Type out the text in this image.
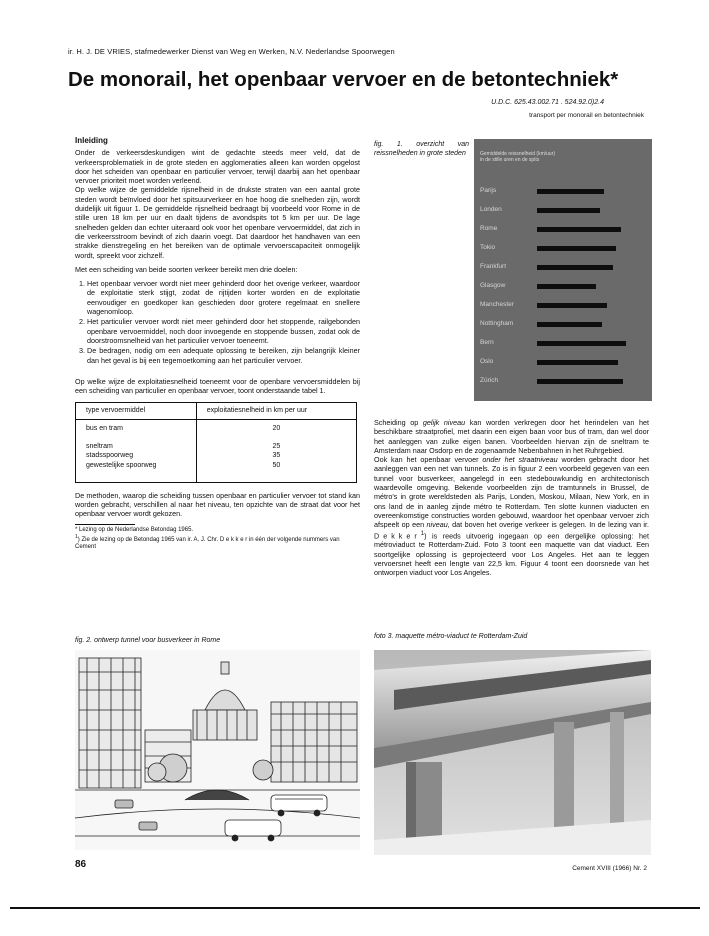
ir. H. J. DE VRIES, stafmedewerker Dienst van Weg en Werken, N.V. Nederlandse Spoorwegen
De monorail, het openbaar vervoer en de betontechniek*
U.D.C. 625.43.002.71 . 524.92.0)2.4
transport per monorail en betontechniek
Inleiding

Onder de verkeersdeskundigen wint de gedachte steeds meer veld, dat de verkeersproblematiek in de grote steden en agglomeraties alleen kan worden opgelost door het scheiden van openbaar en particulier vervoer, terwijl daarbij aan het openbaar vervoer prioriteit moet worden verleend.

Op welke wijze de gemiddelde rijsnelheid in de drukste straten van een aantal grote steden wordt beïnvloed door het spitsuurverkeer en hoe hoog die snelheden zijn, wordt duidelijk uit figuur 1. De gemiddelde rijsnelheid bedraagt bij voorbeeld voor Rome in de stille uren 18 km per uur en daalt tijdens de avondspits tot 5 km per uur. De lage snelheden gelden dan echter uiteraard ook voor het openbare vervoermiddel, dat zich in die verkeersstroom bevindt of zich daarin voegt. Dat daardoor het handhaven van een strakke dienstregeling en het bereiken van de optimale vervoerscapaciteit onmogelijk wordt, spreekt voor zichzelf.

Met een scheiding van beide soorten verkeer bereikt men drie doelen:

1. Het openbaar vervoer wordt niet meer gehinderd door het overige verkeer, waardoor de exploitatie sterk stijgt, zodat de rijtijden korter worden en de exploitatie eenvoudiger en goedkoper kan geschieden door grotere regelmaat en snellere wagenomloop.
2. Het particulier vervoer wordt niet meer gehinderd door het stoppende, railgebonden openbare vervoermiddel, noch door invoegende en stoppende bussen, zodat ook de doorstroomsnelheid van het particulier vervoer toeneemt.
3. De bedragen, nodig om een adequate oplossing te bereiken, zijn belangrijk kleiner dan het geval is bij een tegemoetkoming aan het particulier vervoer.

Op welke wijze de exploitatiesnelheid toeneemt voor de openbare vervoersmiddelen bij een scheiding van particulier en openbaar vervoer, toont onderstaande tabel 1.

type vervoermiddel	exploitatiesnelheid in km per uur
bus en tram	20

sneltram	25
stadsspoorweg	35
gewestelijke spoorweg	50

De methoden, waarop die scheiding tussen openbaar en particulier vervoer tot stand kan worden gebracht, verschillen al naar het niveau, ten opzichte van de straat dat voor het openbaar vervoer wordt gekozen.

* Lezing op de Nederlandse Betondag 1965.
$^1$) Zie de lezing op de Betondag 1965 van ir. A. J. Chr. D e k k e r in één der volgende nummers van Cement
fig. 2. ontwerp tunnel voor busverkeer in Rome
fig. 1. overzicht van reissnelheden in grote steden	Gemiddelde reissnelheid (km/uur)
in de stille uren en de spits
Parijs
Londen
Rome
Tokio
Frankfurt
Glasgow
Manchester
Nottingham
Bern
Oslo
Zürich

Scheiding op gelijk niveau kan worden verkregen door het herindelen van het beschikbare straatprofiel, met daarin een eigen baan voor bus of tram, dan wel door het aanleggen van zulke eigen banen. Voorbeelden hiervan zijn de sneltram te Amsterdam naar Osdorp en de zogenaamde Nebenbahnen in het Ruhrgebied.

Ook kan het openbaar vervoer onder het straatniveau worden gebracht door het aanleggen van een net van tunnels. Zo is in figuur 2 een voorbeeld gegeven van een tunnel voor busverkeer, aangelegd in een stedebouwkundig en architectonisch waardevolle omgeving. Bekende voorbeelden zijn de tramtunnels in Brussel, de métro's in grote wereldsteden als Parijs, Londen, Moskou, Milaan, New York, en in ons land de in aanleg zijnde métro te Rotterdam. Ten slotte kunnen viaducten en overeenkomstige constructies worden gebouwd, waardoor het openbaar vervoer zich afspeelt op een niveau, dat boven het overige verkeer is gelegen. In de lezing van ir. Dekker$^1$) is reeds uitvoerig ingegaan op een dergelijke oplossing: het métroviaduct te Rotterdam-Zuid. Foto 3 toont een maquette van dat viaduct. Een soortgelijke oplossing is geprojecteerd voor Los Angeles. Het aan te leggen vervoersnet heeft een lengte van 22,5 km. Figuur 4 toont een doorsnede van het ontworpen viaduct voor Los Angeles.

foto 3. maquette métro-viaduct te Rotterdam-Zuid
86	Cement XVIII (1966) Nr. 2
